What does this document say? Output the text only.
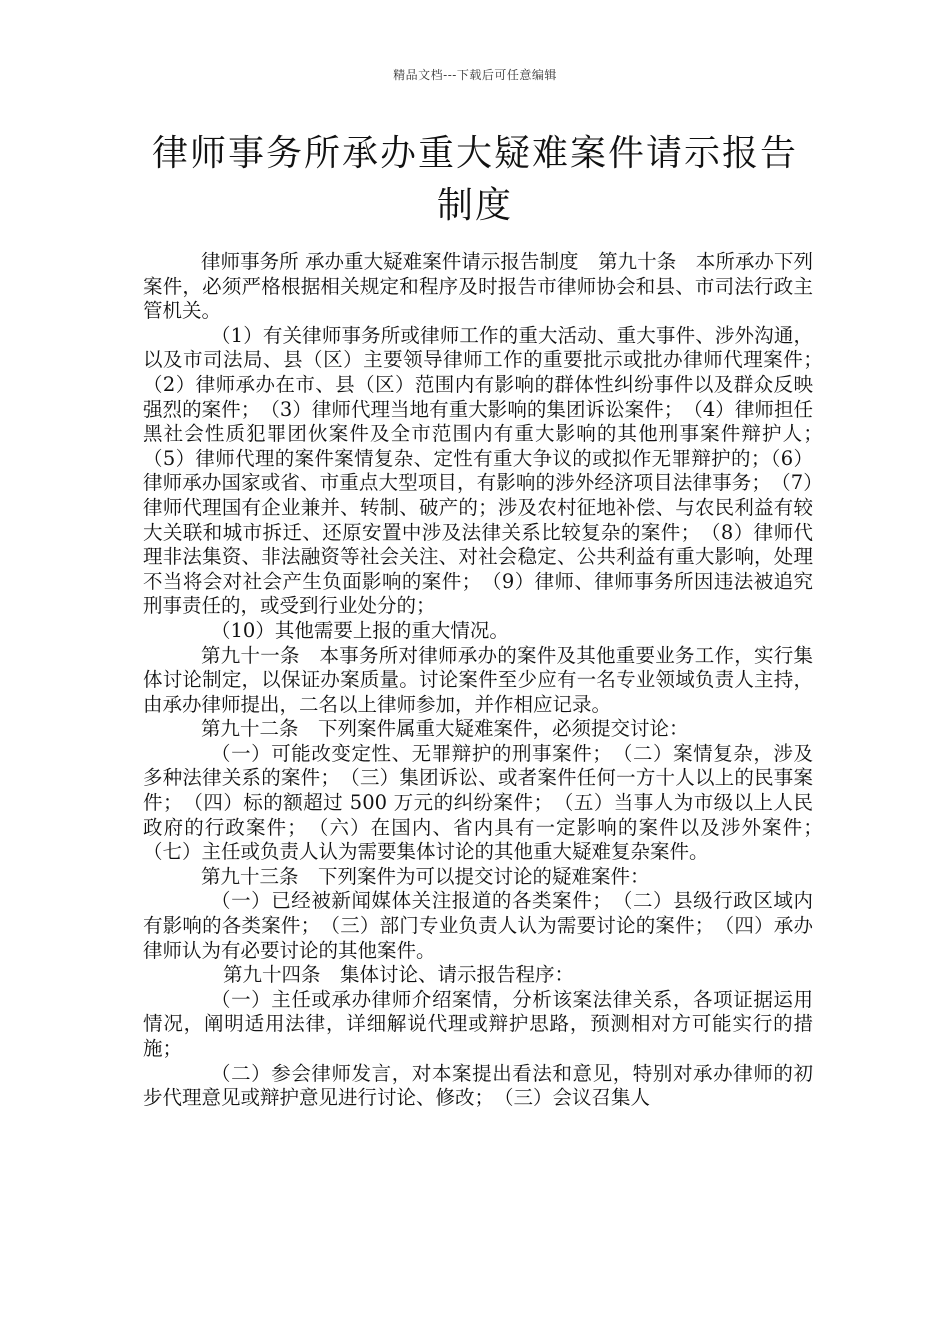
精品文档---下载后可任意编辑
律师事务所承办重大疑难案件请示报告制度

律师事务所 承办重大疑难案件请示报告制度　第九十条　本所承办下列案件，必须严格根据相关规定和程序及时报告市律师协会和县、市司法行政主管机关。

（1）有关律师事务所或律师工作的重大活动、重大事件、涉外沟通，以及市司法局、县（区）主要领导律师工作的重要批示或批办律师代理案件；　（2）律师承办在市、县（区）范围内有影响的群体性纠纷事件以及群众反映强烈的案件；　（3）律师代理当地有重大影响的集团诉讼案件；　（4）律师担任黑社会性质犯罪团伙案件及全市范围内有重大影响的其他刑事案件辩护人；　（5）律师代理的案件案情复杂、定性有重大争议的或拟作无罪辩护的；（6）律师承办国家或省、市重点大型项目，有影响的涉外经济项目法律事务；　（7）律师代理国有企业兼并、转制、破产的；涉及农村征地补偿、与农民利益有较大关联和城市拆迁、还原安置中涉及法律关系比较复杂的案件；　（8）律师代理非法集资、非法融资等社会关注、对社会稳定、公共利益有重大影响，处理不当将会对社会产生负面影响的案件；　（9）律师、律师事务所因违法被追究刑事责任的，或受到行业处分的；

（10）其他需要上报的重大情况。

第九十一条　本事务所对律师承办的案件及其他重要业务工作，实行集体讨论制定，以保证办案质量。讨论案件至少应有一名专业领域负责人主持，由承办律师提出，二名以上律师参加，并作相应记录。

第九十二条　下列案件属重大疑难案件，必须提交讨论：

（一）可能改变定性、无罪辩护的刑事案件；　（二）案情复杂，涉及多种法律关系的案件；　（三）集团诉讼、或者案件任何一方十人以上的民事案件；　（四）标的额超过 500 万元的纠纷案件；　（五）当事人为市级以上人民政府的行政案件；　（六）在国内、省内具有一定影响的案件以及涉外案件；　（七）主任或负责人认为需要集体讨论的其他重大疑难复杂案件。

第九十三条　下列案件为可以提交讨论的疑难案件：

（一）已经被新闻媒体关注报道的各类案件；　（二）县级行政区域内有影响的各类案件；　（三）部门专业负责人认为需要讨论的案件；　（四）承办律师认为有必要讨论的其他案件。

第九十四条　集体讨论、请示报告程序：

（一）主任或承办律师介绍案情，分析该案法律关系，各项证据运用情况，阐明适用法律，详细解说代理或辩护思路，预测相对方可能实行的措施；

（二）参会律师发言，对本案提出看法和意见，特别对承办律师的初步代理意见或辩护意见进行讨论、修改；　（三）会议召集人
